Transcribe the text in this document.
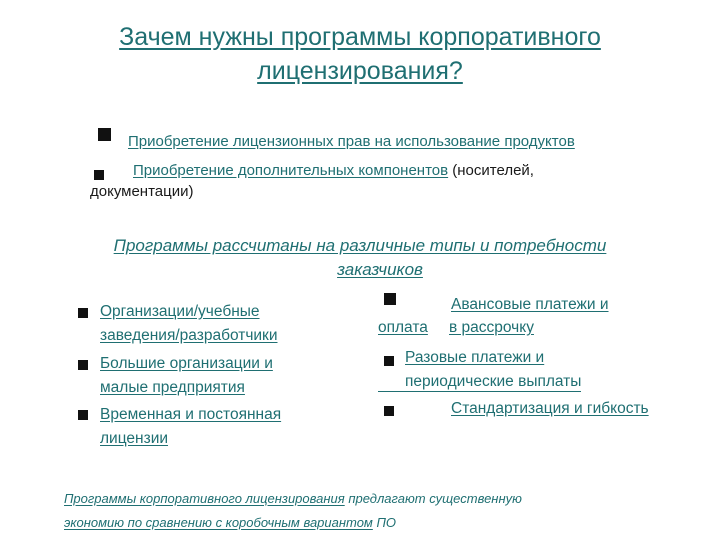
Зачем нужны программы корпоративного
лицензирования?
Приобретение лицензионных прав на использование продуктов
Приобретение дополнительных компонентов (носителей,
документации)
Программы рассчитаны на различные типы и потребности
заказчиков
Организации/учебные
заведения/разработчики
Большие организации и
малые предприятия
Временная и постоянная
лицензии
Авансовые платежи и
оплата в рассрочку
Разовые платежи и
периодические выплаты
Стандартизация и гибкость
Программы корпоративного лицензирования предлагают существенную
экономию по сравнению с коробочным вариантом ПО
